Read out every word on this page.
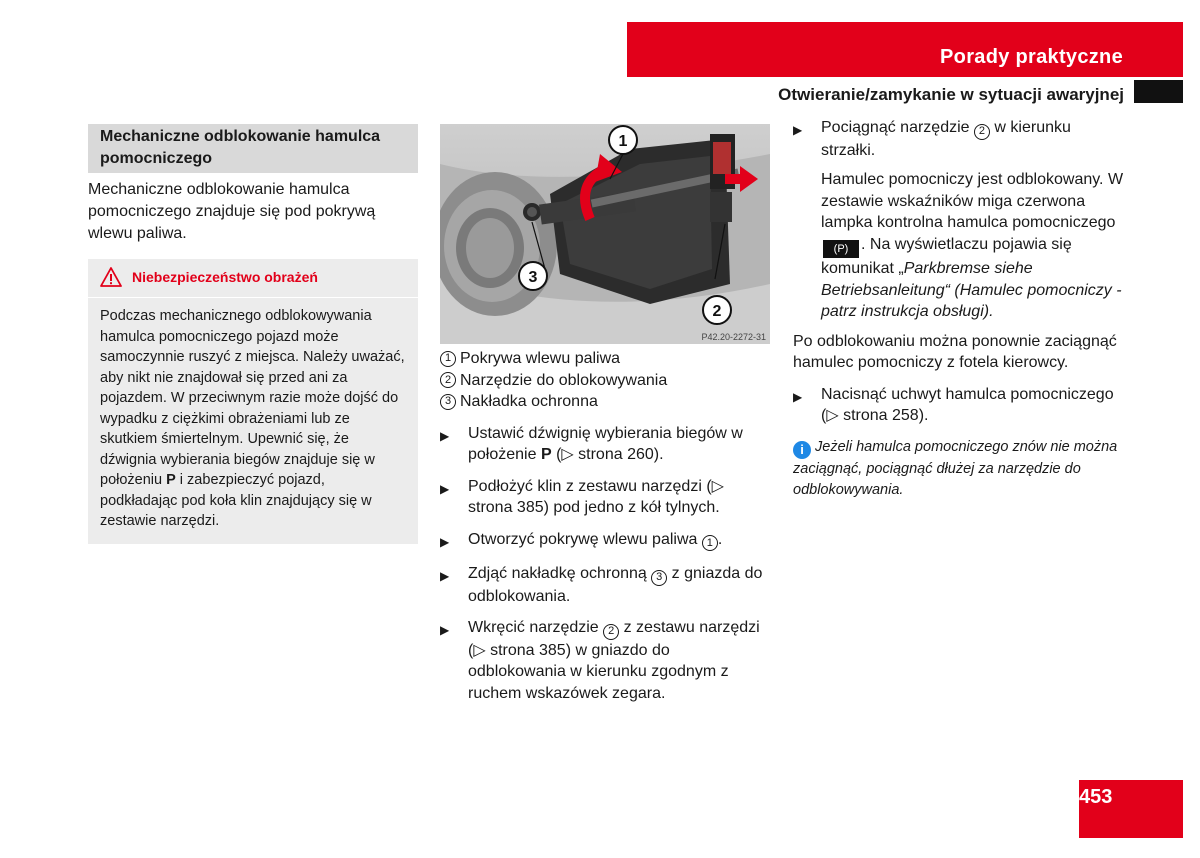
Porady praktyczne
Otwieranie/zamykanie w sytuacji awaryjnej
Mechaniczne odblokowanie hamulca pomocniczego
Mechaniczne odblokowanie hamulca pomocniczego znajduje się pod pokrywą wlewu paliwa.
Niebezpieczeństwo obrażeń
Podczas mechanicznego odblokowywania hamulca pomocniczego pojazd może samoczynnie ruszyć z miejsca. Należy uważać, aby nikt nie znajdował się przed ani za pojazdem. W przeciwnym razie może dojść do wypadku z ciężkimi obrażeniami lub ze skutkiem śmiertelnym. Upewnić się, że dźwignia wybierania biegów znajduje się w położeniu P i zabezpieczyć pojazd, podkładając pod koła klin znajdujący się w zestawie narzędzi.
1
3
2
P42.20-2272-31
1 Pokrywa wlewu paliwa
2 Narzędzie do oblokowywania
3 Nakładka ochronna
▶	Ustawić dźwignię wybierania biegów w położenie P (▷ strona 260).
▶	Podłożyć klin z zestawu narzędzi (▷ strona 385) pod jedno z kół tylnych.
▶	Otworzyć pokrywę wlewu paliwa 1 .
▶	Zdjąć nakładkę ochronną 3 z gniazda do odblokowania.
▶	Wkręcić narzędzie 2 z zestawu narzędzi (▷ strona 385) w gniazdo do odblokowania w kierunku zgodnym z ruchem wskazówek zegara.
▶	Pociągnąć narzędzie 2 w kierunku strzałki.
Hamulec pomocniczy jest odblokowany. W zestawie wskaźników miga czerwona lampka kontrolna hamulca pomocniczego (P) . Na wyświetlaczu pojawia się komunikat „Parkbremse siehe Betriebsanleitung“ (Hamulec pomocniczy - patrz instrukcja obsługi).
Po odblokowaniu można ponownie zaciągnąć hamulec pomocniczy z fotela kierowcy.
▶	Nacisnąć uchwyt hamulca pomocniczego (▷ strona 258).
i Jeżeli hamulca pomocniczego znów nie można zaciągnąć, pociągnąć dłużej za narzędzie do odblokowywania.
453
